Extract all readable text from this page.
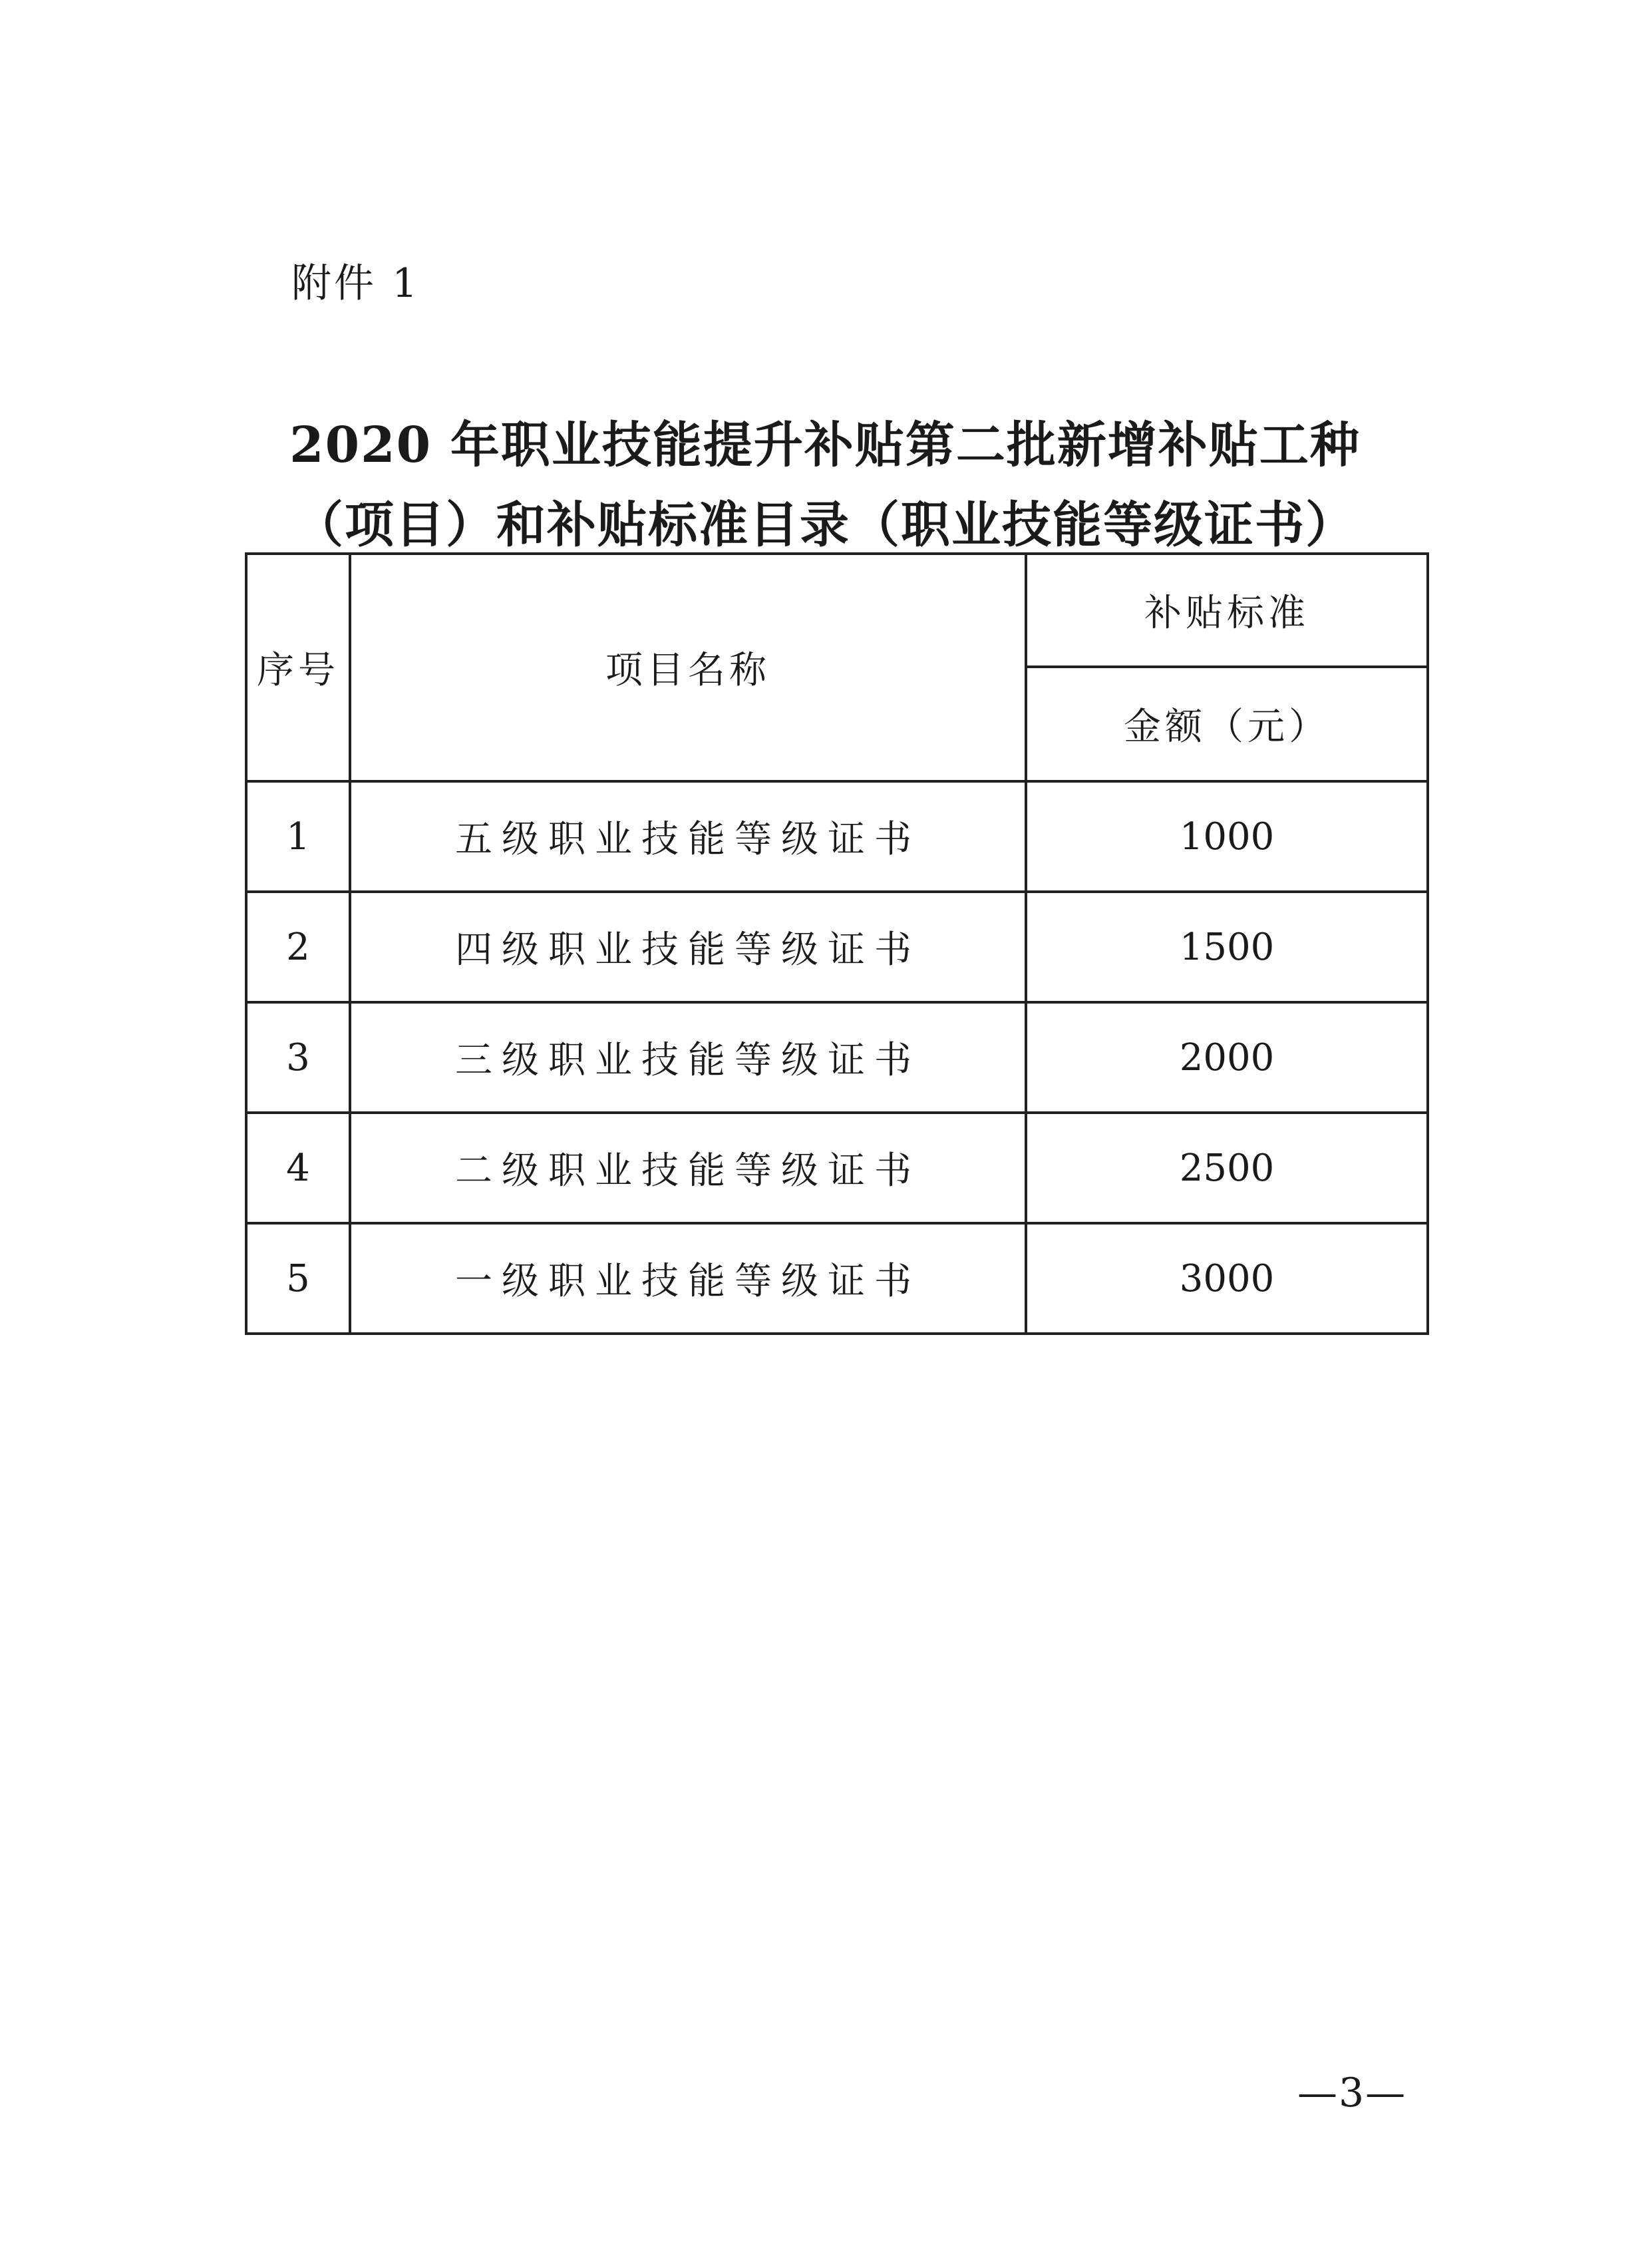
附件 1
2020 年职业技能提升补贴第二批新增补贴工种
（项目）和补贴标准目录（职业技能等级证书）
序号	项目名称	补贴标准
		金额（元）
1	五级职业技能等级证书	1000
2	四级职业技能等级证书	1500
3	三级职业技能等级证书	2000
4	二级职业技能等级证书	2500
5	一级职业技能等级证书	3000
—3—
